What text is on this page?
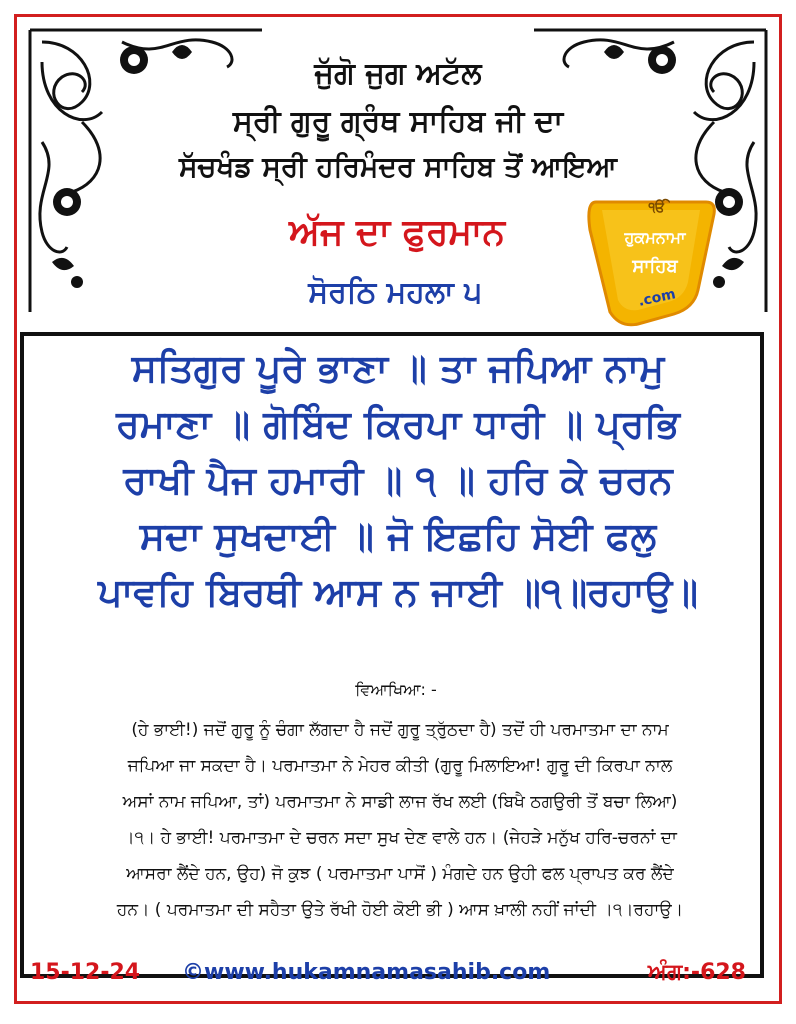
ਜੁੱਗੋ ਜੁਗ ਅਟੱਲ
ਸ੍ਰੀ ਗੁਰੂ ਗ੍ਰੰਥ ਸਾਹਿਬ ਜੀ ਦਾ
ਸੱਚਖੰਡ ਸ੍ਰੀ ਹਰਿਮੰਦਰ ਸਾਹਿਬ ਤੋਂ ਆਇਆ
ਅੱਜ ਦਾ ਫੁਰਮਾਨ
ਸੋਰਠਿ ਮਹਲਾ ੫
ੴ
ਹੁਕਮਨਾਮਾ
ਸਾਹਿਬ
.com
ਸਤਿਗੁਰ ਪੂਰੇ ਭਾਣਾ ॥ ਤਾ ਜਪਿਆ ਨਾਮੁ
ਰਮਾਣਾ ॥ ਗੋਬਿੰਦ ਕਿਰਪਾ ਧਾਰੀ ॥ ਪ੍ਰਭਿ
ਰਾਖੀ ਪੈਜ ਹਮਾਰੀ ॥ ੧ ॥ ਹਰਿ ਕੇ ਚਰਨ
ਸਦਾ ਸੁਖਦਾਈ ॥ ਜੋ ਇਛਹਿ ਸੋਈ ਫਲੁ
ਪਾਵਹਿ ਬਿਰਥੀ ਆਸ ਨ ਜਾਈ ॥੧॥ਰਹਾਉ॥
ਵਿਆਖਿਆ: -
(ਹੇ ਭਾਈ!) ਜਦੋਂ ਗੁਰੂ ਨੂੰ ਚੰਗਾ ਲੱਗਦਾ ਹੈ ਜਦੋਂ ਗੁਰੂ ਤ੍ਰੁੱਠਦਾ ਹੈ) ਤਦੋਂ ਹੀ ਪਰਮਾਤਮਾ ਦਾ ਨਾਮ
ਜਪਿਆ ਜਾ ਸਕਦਾ ਹੈ। ਪਰਮਾਤਮਾ ਨੇ ਮੇਹਰ ਕੀਤੀ (ਗੁਰੂ ਮਿਲਾਇਆ! ਗੁਰੂ ਦੀ ਕਿਰਪਾ ਨਾਲ
ਅਸਾਂ ਨਾਮ ਜਪਿਆ, ਤਾਂ) ਪਰਮਾਤਮਾ ਨੇ ਸਾਡੀ ਲਾਜ ਰੱਖ ਲਈ (ਬਿਖੈ ਠਗਉਰੀ ਤੋਂ ਬਚਾ ਲਿਆ)
।੧। ਹੇ ਭਾਈ! ਪਰਮਾਤਮਾ ਦੇ ਚਰਨ ਸਦਾ ਸੁਖ ਦੇਣ ਵਾਲੇ ਹਨ। (ਜੇਹੜੇ ਮਨੁੱਖ ਹਰਿ-ਚਰਨਾਂ ਦਾ
ਆਸਰਾ ਲੈਂਦੇ ਹਨ, ਉਹ) ਜੋ ਕੁਝ ( ਪਰਮਾਤਮਾ ਪਾਸੋਂ ) ਮੰਗਦੇ ਹਨ ਉਹੀ ਫਲ ਪ੍ਰਾਪਤ ਕਰ ਲੈਂਦੇ
ਹਨ। ( ਪਰਮਾਤਮਾ ਦੀ ਸਹੈਤਾ ਉਤੇ ਰੱਖੀ ਹੋਈ ਕੋਈ ਭੀ ) ਆਸ ਖ਼ਾਲੀ ਨਹੀਂ ਜਾਂਦੀ ।੧।ਰਹਾਉ।
15-12-24 ©www.hukamnamasahib.com	ਅੰਗ:-628
